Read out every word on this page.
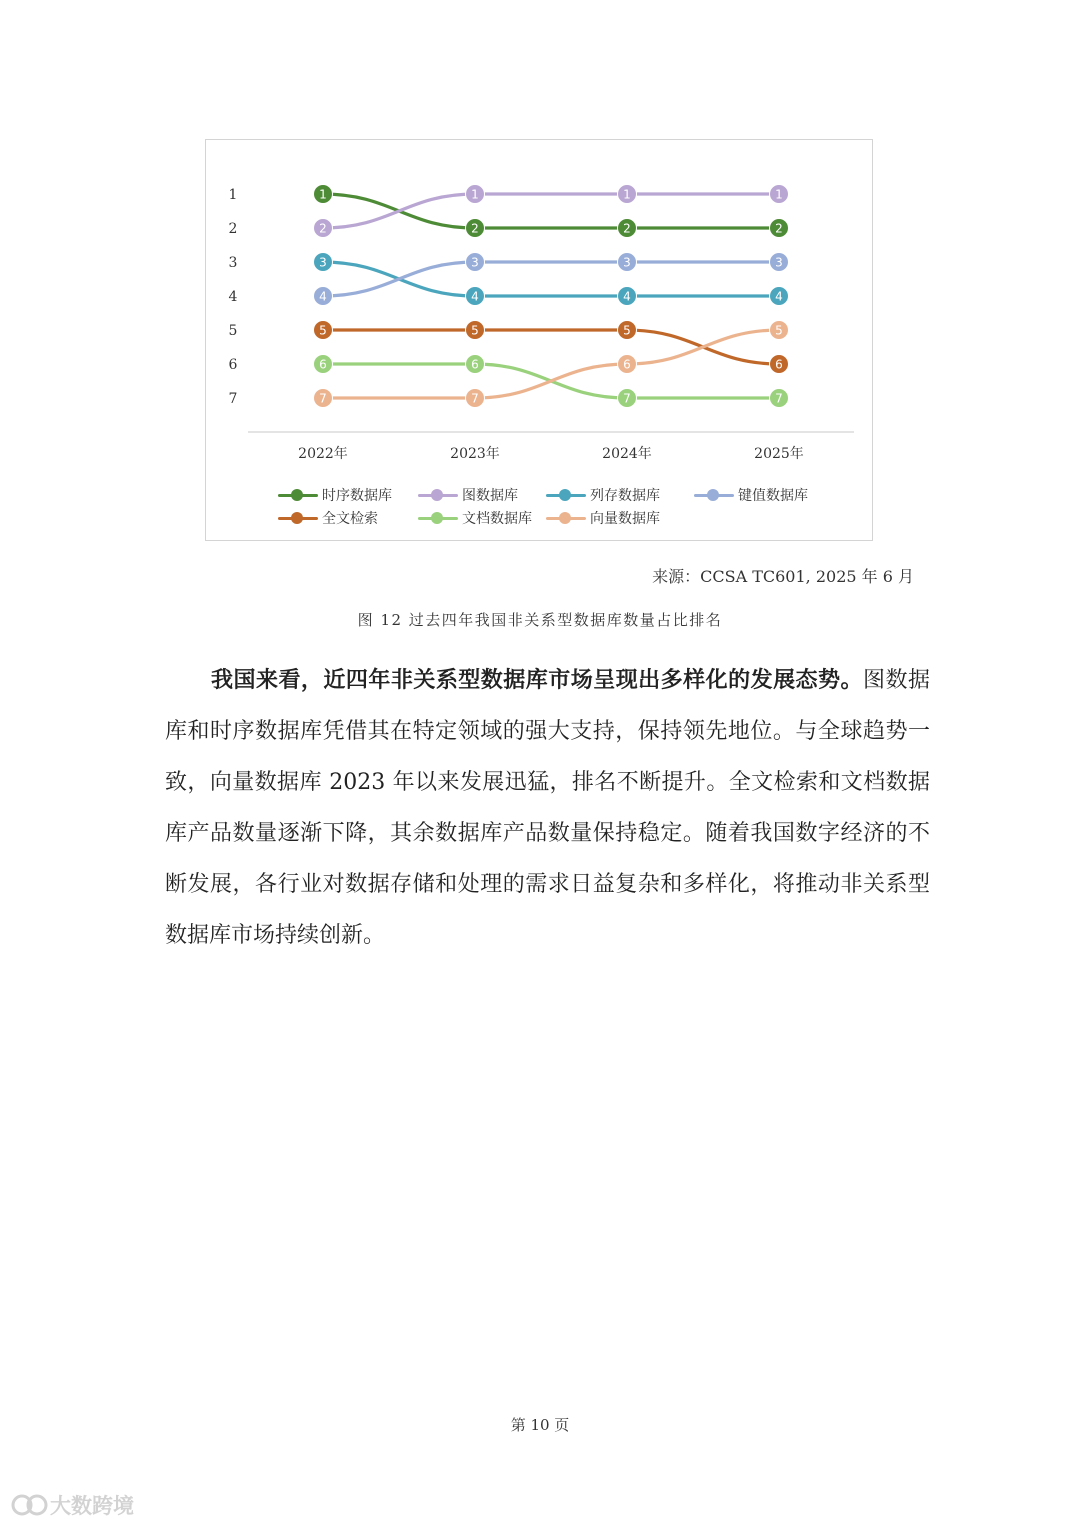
1
2
3
4
5
6
7
2022年	2023年	2024年	2025年
1
2	2	2
2
1	1	1
3
4	4	4
4
3	3	3
5	5	5
6
6	6
7	7
7	7
6
5
时序数据库	图数据库	列存数据库	键值数据库
全文检索	文档数据库	向量数据库
来源：CCSA TC601, 2025 年 6 月
图 12 过去四年我国非关系型数据库数量占比排名

我国来看，近四年非关系型数据库市场呈现出多样化的发展态势。图数据库和时序数据库凭借其在特定领域的强大支持，保持领先地位。与全球趋势一致，向量数据库 2023 年以来发展迅猛，排名不断提升。全文检索和文档数据库产品数量逐渐下降，其余数据库产品数量保持稳定。随着我国数字经济的不断发展，各行业对数据存储和处理的需求日益复杂和多样化，将推动非关系型数据库市场持续创新。

第 10 页
大数跨境
